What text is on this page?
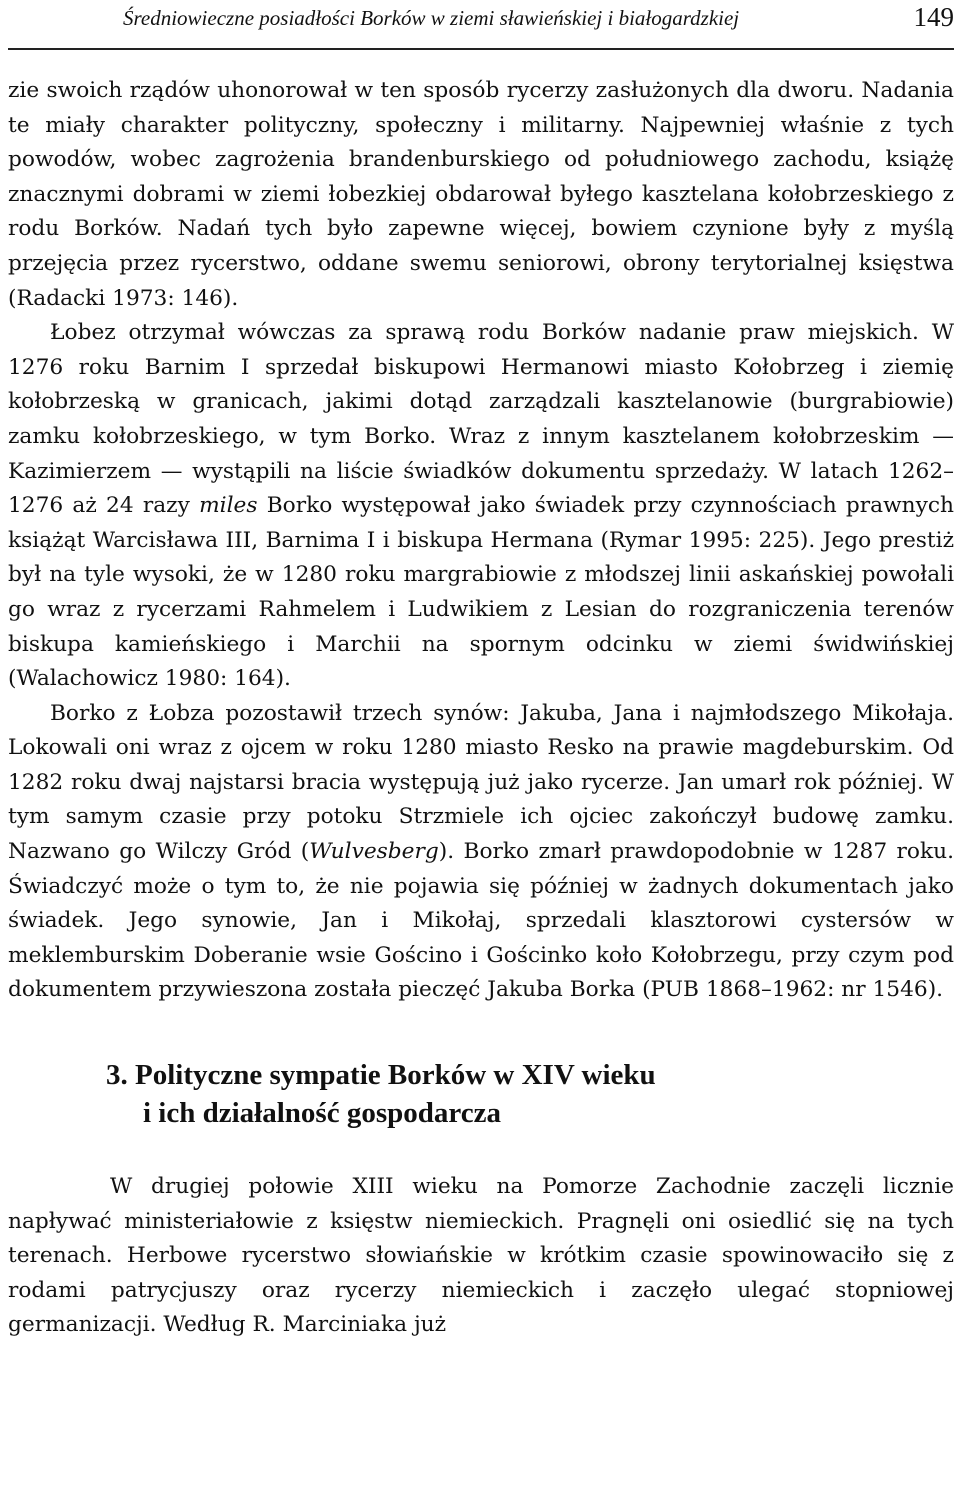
Średniowieczne posiadłości Borków w ziemi sławieńskiej i białogardzkiej	149

zie swoich rządów uhonorował w ten sposób rycerzy zasłużonych dla dworu. Nadania te miały charakter polityczny, społeczny i militarny. Najpewniej właśnie z tych powodów, wobec zagrożenia brandenburskiego od południowego zachodu, książę znacznymi dobrami w ziemi łobezkiej obdarował byłego kasztelana kołobrzeskiego z rodu Borków. Nadań tych było zapewne więcej, bowiem czynione były z myślą przejęcia przez rycerstwo, oddane swemu seniorowi, obrony terytorialnej księstwa (Radacki 1973: 146).

Łobez otrzymał wówczas za sprawą rodu Borków nadanie praw miejskich. W 1276 roku Barnim I sprzedał biskupowi Hermanowi miasto Kołobrzeg i ziemię kołobrzeską w granicach, jakimi dotąd zarządzali kasztelanowie (burgrabiowie) zamku kołobrzeskiego, w tym Borko. Wraz z innym kasztelanem kołobrzeskim — Kazimierzem — wystąpili na liście świadków dokumentu sprzedaży. W latach 1262–1276 aż 24 razy miles Borko występował jako świadek przy czynnościach prawnych książąt Warcisława III, Barnima I i biskupa Hermana (Rymar 1995: 225). Jego prestiż był na tyle wysoki, że w 1280 roku margrabiowie z młodszej linii askańskiej powołali go wraz z rycerzami Rahmelem i Ludwikiem z Lesian do rozgraniczenia terenów biskupa kamieńskiego i Marchii na spornym odcinku w ziemi świdwińskiej (Walachowicz 1980: 164).

Borko z Łobza pozostawił trzech synów: Jakuba, Jana i najmłodszego Mikołaja. Lokowali oni wraz z ojcem w roku 1280 miasto Resko na prawie magdeburskim. Od 1282 roku dwaj najstarsi bracia występują już jako rycerze. Jan umarł rok później. W tym samym czasie przy potoku Strzmiele ich ojciec zakończył budowę zamku. Nazwano go Wilczy Gród (Wulvesberg). Borko zmarł prawdopodobnie w 1287 roku. Świadczyć może o tym to, że nie pojawia się później w żadnych dokumentach jako świadek. Jego synowie, Jan i Mikołaj, sprzedali klasztorowi cystersów w meklemburskim Doberanie wsie Gościno i Gościnko koło Kołobrzegu, przy czym pod dokumentem przywieszona została pieczęć Jakuba Borka (PUB 1868–1962: nr 1546).

3. Polityczne sympatie Borków w XIV wieku
i ich działalność gospodarcza

W drugiej połowie XIII wieku na Pomorze Zachodnie zaczęli licznie napływać ministeriałowie z księstw niemieckich. Pragnęli oni osiedlić się na tych terenach. Herbowe rycerstwo słowiańskie w krótkim czasie spowinowaciło się z rodami patrycjuszy oraz rycerzy niemieckich i zaczęło ulegać stopniowej germanizacji. Według R. Marciniaka już
